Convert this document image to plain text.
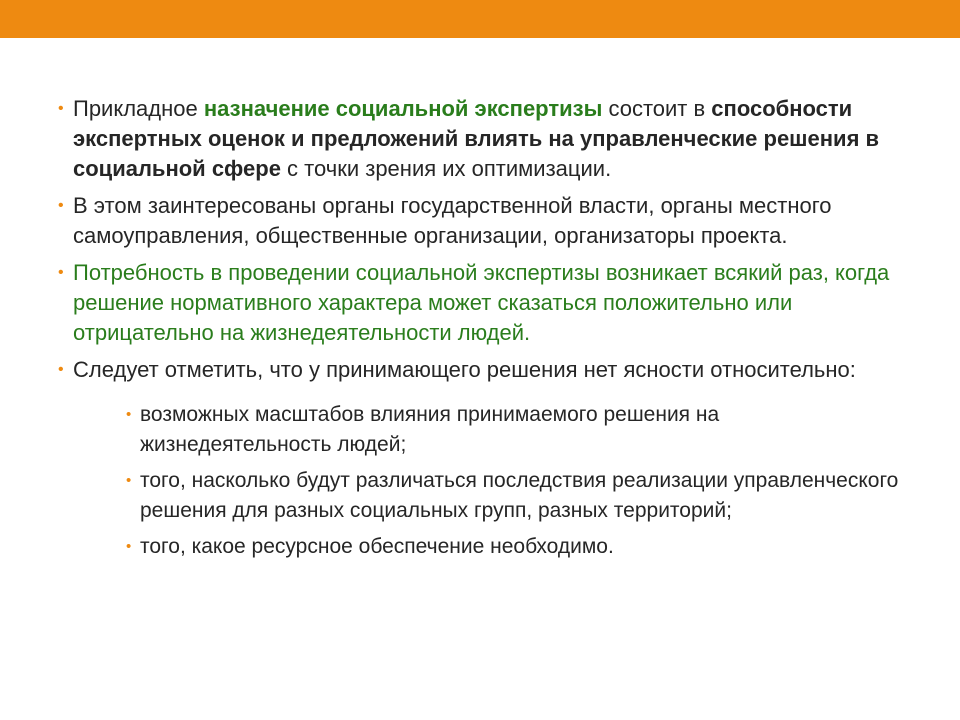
• Прикладное назначение социальной экспертизы состоит в способности экспертных оценок и предложений влиять на управленческие решения в социальной сфере с точки зрения их оптимизации.
• В этом заинтересованы органы государственной власти, органы местного самоуправления, общественные организации, организаторы проекта.
• Потребность в проведении социальной экспертизы возникает всякий раз, когда решение нормативного характера может сказаться положительно или отрицательно на жизнедеятельности людей.
• Следует отметить, что у принимающего решения нет ясности относительно:
• возможных масштабов влияния принимаемого решения на жизнедеятельность людей;
• того, насколько будут различаться последствия реализации управленческого решения для разных социальных групп, разных территорий;
• того, какое ресурсное обеспечение необходимо.
